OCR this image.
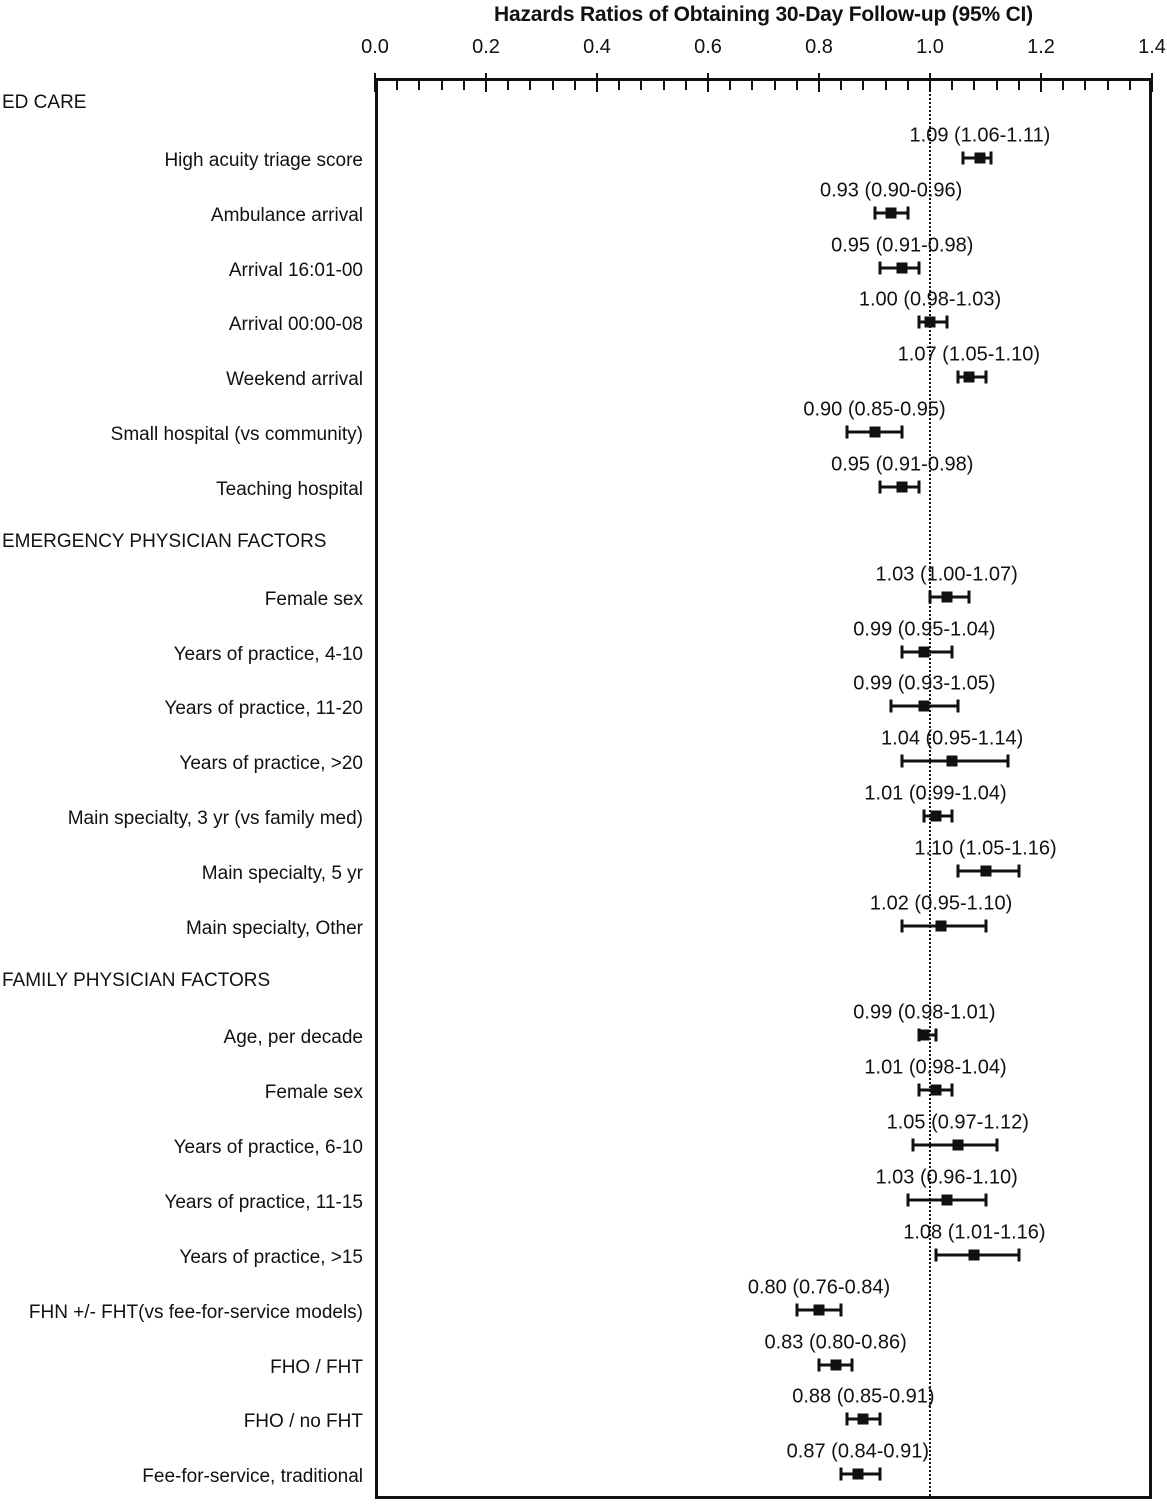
Hazards Ratios of Obtaining 30-Day Follow-up (95% CI)
0.0	0.2	0.4	0.6	0.8	1.0	1.2	1.4
ED CARE
High acuity triage score
1.09 (1.06-1.11)
Ambulance arrival
0.93 (0.90-0.96)
Arrival 16:01-00
0.95 (0.91-0.98)
Arrival 00:00-08
1.00 (0.98-1.03)
Weekend arrival
1.07 (1.05-1.10)
Small hospital (vs community)
0.90 (0.85-0.95)
Teaching hospital
0.95 (0.91-0.98)
EMERGENCY PHYSICIAN FACTORS
Female sex
1.03 (1.00-1.07)
Years of practice, 4-10
0.99 (0.95-1.04)
Years of practice, 11-20
0.99 (0.93-1.05)
Years of practice, >20
1.04 (0.95-1.14)
Main specialty, 3 yr (vs family med)
1.01 (0.99-1.04)
Main specialty, 5 yr
1.10 (1.05-1.16)
Main specialty, Other
1.02 (0.95-1.10)
FAMILY PHYSICIAN FACTORS
Age, per decade
0.99 (0.98-1.01)
Female sex
1.01 (0.98-1.04)
Years of practice, 6-10
1.05 (0.97-1.12)
Years of practice, 11-15
1.03 (0.96-1.10)
Years of practice, >15
1.08 (1.01-1.16)
FHN +/- FHT(vs fee-for-service models)
0.80 (0.76-0.84)
FHO / FHT
0.83 (0.80-0.86)
FHO / no FHT
0.88 (0.85-0.91)
Fee-for-service, traditional
0.87 (0.84-0.91)
